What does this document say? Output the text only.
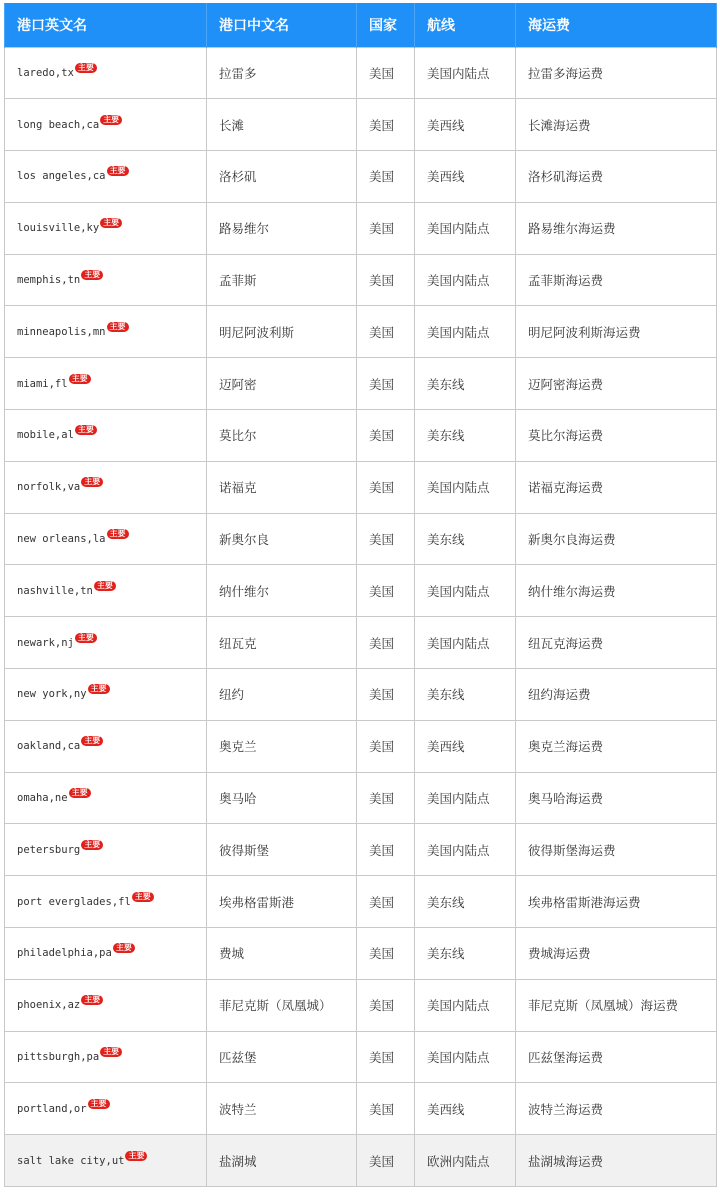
港口英文名	港口中文名	国家	航线	海运费
laredo,tx 主要	拉雷多	美国	美国内陆点	拉雷多海运费
long beach,ca 主要	长滩	美国	美西线	长滩海运费
los angeles,ca 主要	洛杉矶	美国	美西线	洛杉矶海运费
louisville,ky 主要	路易维尔	美国	美国内陆点	路易维尔海运费
memphis,tn 主要	孟菲斯	美国	美国内陆点	孟菲斯海运费
minneapolis,mn 主要	明尼阿波利斯	美国	美国内陆点	明尼阿波利斯海运费
miami,fl 主要	迈阿密	美国	美东线	迈阿密海运费
mobile,al 主要	莫比尔	美国	美东线	莫比尔海运费
norfolk,va 主要	诺福克	美国	美国内陆点	诺福克海运费
new orleans,la 主要	新奥尔良	美国	美东线	新奥尔良海运费
nashville,tn 主要	纳什维尔	美国	美国内陆点	纳什维尔海运费
newark,nj 主要	纽瓦克	美国	美国内陆点	纽瓦克海运费
new york,ny 主要	纽约	美国	美东线	纽约海运费
oakland,ca 主要	奥克兰	美国	美西线	奥克兰海运费
omaha,ne 主要	奥马哈	美国	美国内陆点	奥马哈海运费
petersburg 主要	彼得斯堡	美国	美国内陆点	彼得斯堡海运费
port everglades,fl 主要	埃弗格雷斯港	美国	美东线	埃弗格雷斯港海运费
philadelphia,pa 主要	费城	美国	美东线	费城海运费
phoenix,az 主要	菲尼克斯（凤凰城）	美国	美国内陆点	菲尼克斯（凤凰城）海运费
pittsburgh,pa 主要	匹兹堡	美国	美国内陆点	匹兹堡海运费
portland,or 主要	波特兰	美国	美西线	波特兰海运费
salt lake city,ut 主要	盐湖城	美国	欧洲内陆点	盐湖城海运费
